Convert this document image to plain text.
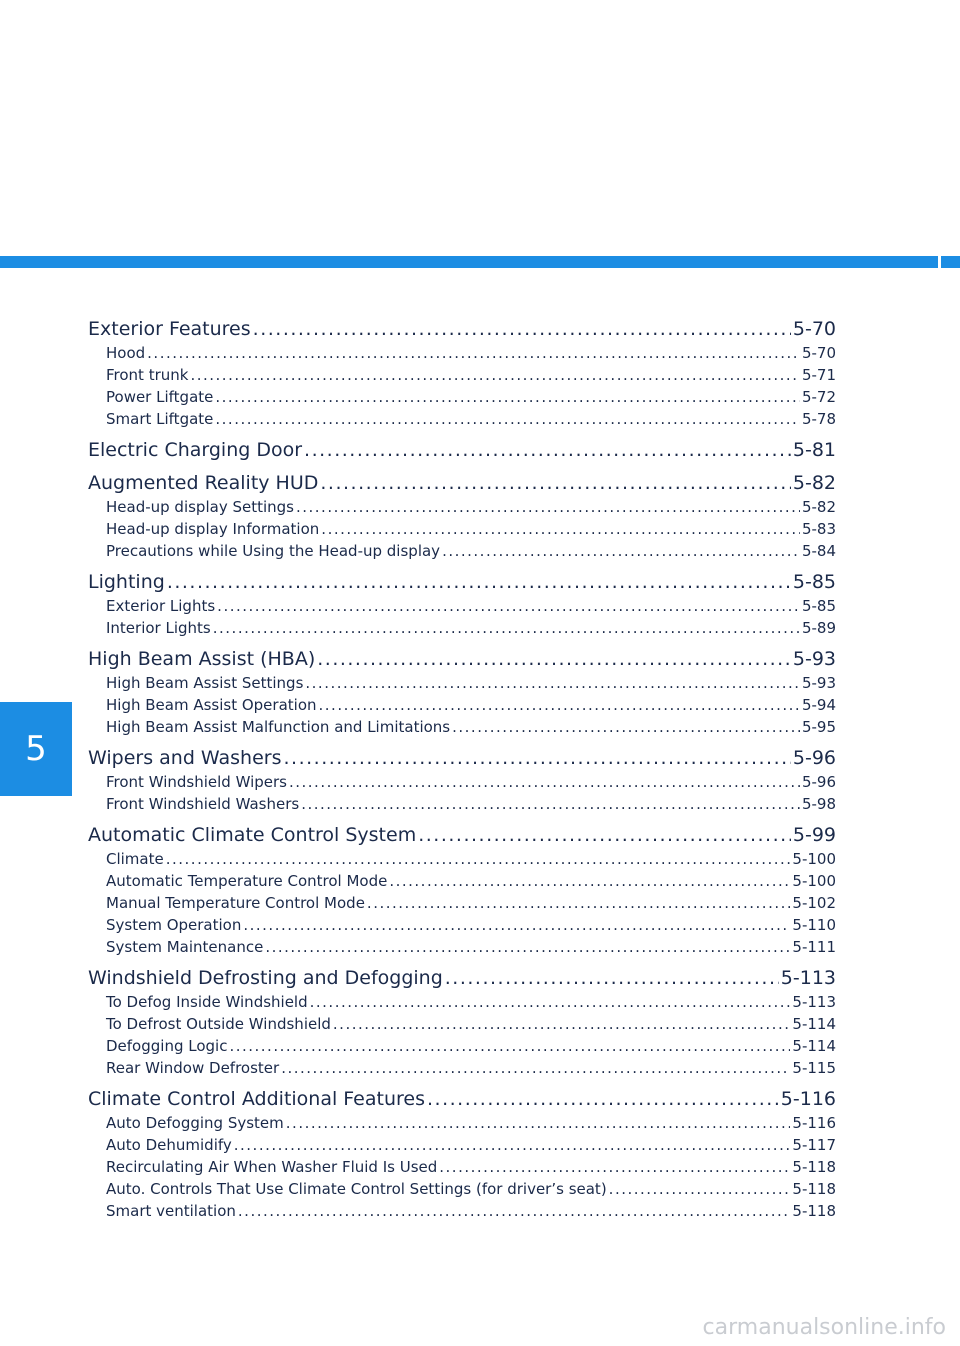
5
Exterior Features .....	5-70
Hood .....	5-70
Front trunk .....	5-71
Power Liftgate .....	5-72
Smart Liftgate .....	5-78
Electric Charging Door .....	5-81
Augmented Reality HUD .....	5-82
Head-up display Settings .....	5-82
Head-up display Information .....	5-83
Precautions while Using the Head-up display .....	5-84
Lighting .....	5-85
Exterior Lights .....	5-85
Interior Lights .....	5-89
High Beam Assist (HBA) .....	5-93
High Beam Assist Settings .....	5-93
High Beam Assist Operation .....	5-94
High Beam Assist Malfunction and Limitations .....	5-95
Wipers and Washers .....	5-96
Front Windshield Wipers .....	5-96
Front Windshield Washers .....	5-98
Automatic Climate Control System .....	5-99
Climate .....	5-100
Automatic Temperature Control Mode .....	5-100
Manual Temperature Control Mode .....	5-102
System Operation .....	5-110
System Maintenance .....	5-111
Windshield Defrosting and Defogging .....	5-113
To Defog Inside Windshield .....	5-113
To Defrost Outside Windshield .....	5-114
Defogging Logic .....	5-114
Rear Window Defroster .....	5-115
Climate Control Additional Features .....	5-116
Auto Defogging System .....	5-116
Auto Dehumidify .....	5-117
Recirculating Air When Washer Fluid Is Used .....	5-118
Auto. Controls That Use Climate Control Settings (for driver’s seat) .....	5-118
Smart ventilation .....	5-118
carmanualsonline.info
